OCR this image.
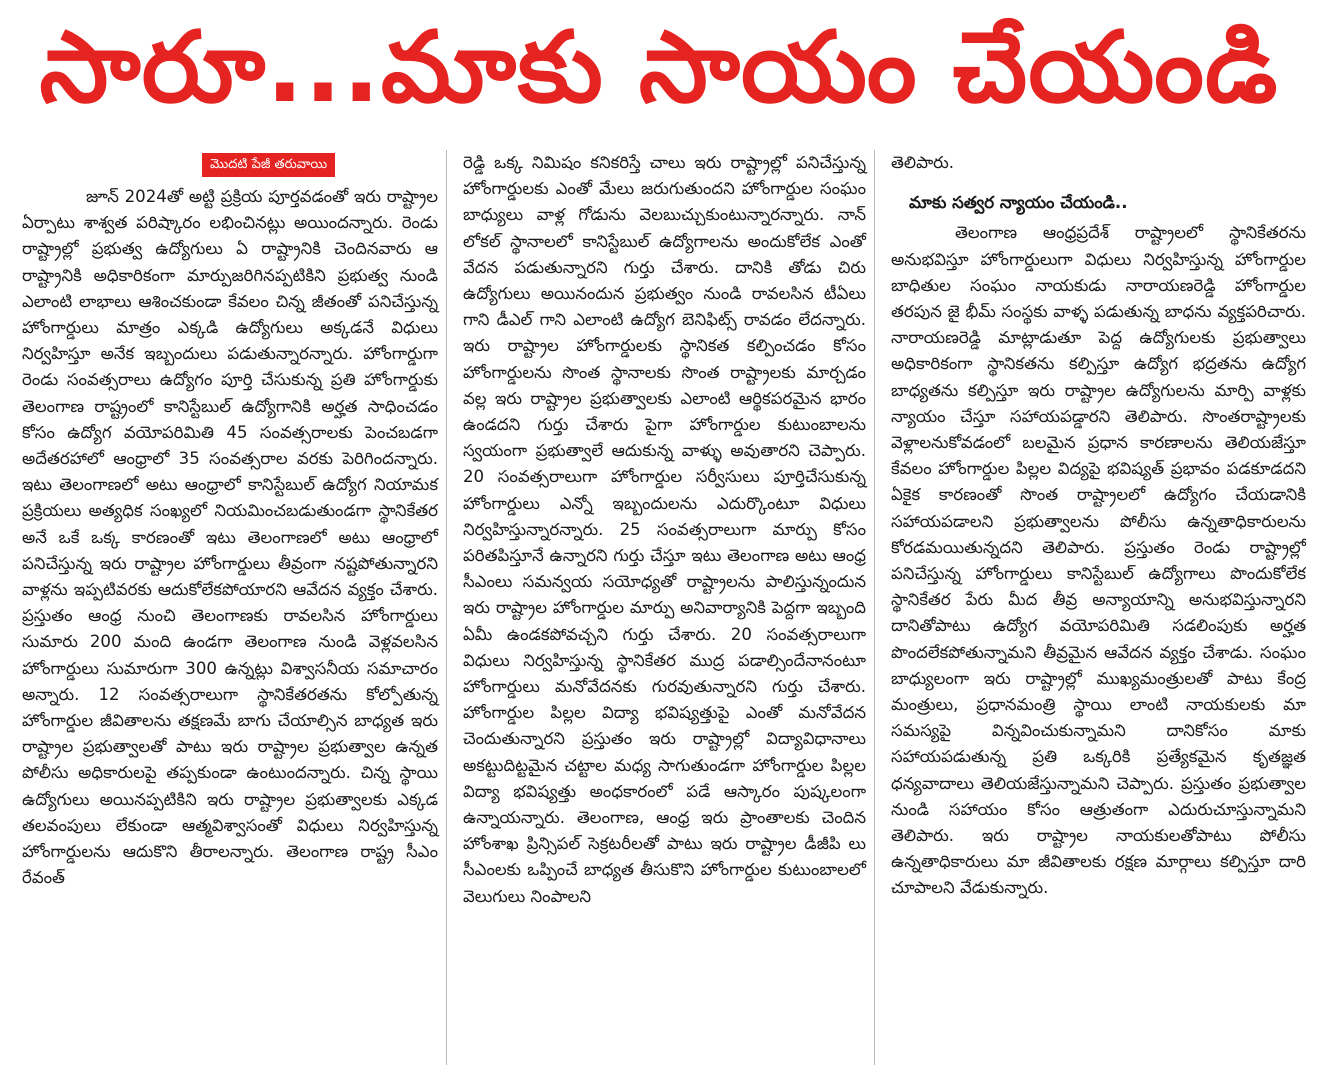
సారూ...మాకు సాయం చేయండి
మొదటి పేజీ తరువాయి

జూన్ 2024తో అట్టి ప్రక్రియ పూర్తవడంతో ఇరు రాష్ట్రాల ఏర్పాటు శాశ్వత పరిష్కారం లభించినట్లు అయిందన్నారు. రెండు రాష్ట్రాల్లో ప్రభుత్వ ఉద్యోగులు ఏ రాష్ట్రానికి చెందినవారు ఆ రాష్ట్రానికి అధికారికంగా మార్పుజరిగినప్పటికిని ప్రభుత్వ నుండి ఎలాంటి లాభాలు ఆశించకుండా కేవలం చిన్న జీతంతో పనిచేస్తున్న హోంగార్డులు మాత్రం ఎక్కడి ఉద్యోగులు అక్కడనే విధులు నిర్వహిస్తూ అనేక ఇబ్బందులు పడుతున్నారన్నారు. హోంగార్డుగా రెండు సంవత్సరాలు ఉద్యోగం పూర్తి చేసుకున్న ప్రతి హోంగార్డుకు తెలంగాణ రాష్ట్రంలో కానిస్టేబుల్ ఉద్యోగానికి అర్హత సాధించడం కోసం ఉద్యోగ వయోపరిమితి 45 సంవత్సరాలకు పెంచబడగా అదేతరహాలో ఆంధ్రాలో 35 సంవత్సరాల వరకు పెరిగిందన్నారు. ఇటు తెలంగాణలో అటు ఆంధ్రాలో కానిస్టేబుల్ ఉద్యోగ నియామక ప్రక్రియలు అత్యధిక సంఖ్యలో నియమించబడుతుండగా స్థానికేతర అనే ఒకే ఒక్క కారణంతో ఇటు తెలంగాణలో అటు ఆంధ్రాలో పనిచేస్తున్న ఇరు రాష్ట్రాల హోంగార్డులు తీవ్రంగా నష్టపోతున్నారని వాళ్లను ఇప్పటివరకు ఆదుకోలేకపోయారని ఆవేదన వ్యక్తం చేశారు. ప్రస్తుతం ఆంధ్ర నుంచి తెలంగాణకు రావలసిన హోంగార్డులు సుమారు 200 మంది ఉండగా తెలంగాణ నుండి వెళ్లవలసిన హోంగార్డులు సుమారుగా 300 ఉన్నట్లు విశ్వాసనీయ సమాచారం అన్నారు. 12 సంవత్సరాలుగా స్థానికేతరతను కోల్పోతున్న హోంగార్డుల జీవితాలను తక్షణమే బాగు చేయాల్సిన బాధ్యత ఇరు రాష్ట్రాల ప్రభుత్వాలతో పాటు ఇరు రాష్ట్రాల ప్రభుత్వాల ఉన్నత పోలీసు అధికారులపై తప్పకుండా ఉంటుందన్నారు. చిన్న స్థాయి ఉద్యోగులు అయినప్పటికిని ఇరు రాష్ట్రాల ప్రభుత్వాలకు ఎక్కడ తలవంపులు లేకుండా ఆత్మవిశ్వాసంతో విధులు నిర్వహిస్తున్న హోంగార్డులను ఆదుకొని తీరాలన్నారు. తెలంగాణ రాష్ట్ర సీఎం రేవంత్

రెడ్డి ఒక్క నిమిషం కనికరిస్తే చాలు ఇరు రాష్ట్రాల్లో పనిచేస్తున్న హోంగార్డులకు ఎంతో మేలు జరుగుతుందని హోంగార్డుల సంఘం బాధ్యులు వాళ్ల గోడును వెలబుచ్చుకుంటున్నారన్నారు. నాన్ లోకల్ స్థానాలలో కానిస్టేబుల్ ఉద్యోగాలను అందుకోలేక ఎంతో వేదన పడుతున్నారని గుర్తు చేశారు. దానికి తోడు చిరు ఉద్యోగులు అయినందున ప్రభుత్వం నుండి రావలసిన టీఏలు గాని డీఎల్ గాని ఎలాంటి ఉద్యోగ బెనిఫిట్స్ రావడం లేదన్నారు. ఇరు రాష్ట్రాల హోంగార్డులకు స్థానికత కల్పించడం కోసం హోంగార్డులను సొంత స్థానాలకు సొంత రాష్ట్రాలకు మార్చడం వల్ల ఇరు రాష్ట్రాల ప్రభుత్వాలకు ఎలాంటి ఆర్థికపరమైన భారం ఉండదని గుర్తు చేశారు పైగా హోంగార్డుల కుటుంబాలను స్వయంగా ప్రభుత్వాలే ఆదుకున్న వాళ్ళు అవుతారని చెప్పారు. 20 సంవత్సరాలుగా హోంగార్డుల సర్వీసులు పూర్తిచేసుకున్న హోంగార్డులు ఎన్నో ఇబ్బందులను ఎదుర్కొంటూ విధులు నిర్వహిస్తున్నారన్నారు. 25 సంవత్సరాలుగా మార్పు కోసం పరితపిస్తూనే ఉన్నారని గుర్తు చేస్తూ ఇటు తెలంగాణ అటు ఆంధ్ర సీఎంలు సమన్వయ సయోధ్యతో రాష్ట్రాలను పాలిస్తున్నందున ఇరు రాష్ట్రాల హోంగార్డుల మార్పు అనివార్యానికి పెద్దగా ఇబ్బంది ఏమీ ఉండకపోవచ్చని గుర్తు చేశారు. 20 సంవత్సరాలుగా విధులు నిర్వహిస్తున్న స్థానికేతర ముద్ర పడాల్సిందేనానంటూ హోంగార్డులు మనోవేదనకు గురవుతున్నారని గుర్తు చేశారు. హోంగార్డుల పిల్లల విద్యా భవిష్యత్తుపై ఎంతో మనోవేదన చెందుతున్నారని ప్రస్తుతం ఇరు రాష్ట్రాల్లో విద్యావిధానాలు అకట్టుదిట్టమైన చట్టాల మధ్య సాగుతుండగా హోంగార్డుల పిల్లల విద్యా భవిష్యత్తు అంధకారంలో పడే ఆస్కారం పుష్కలంగా ఉన్నాయన్నారు. తెలంగాణ, ఆంధ్ర ఇరు ప్రాంతాలకు చెందిన హోంశాఖ ప్రిన్సిపల్ సెక్రటరీలతో పాటు ఇరు రాష్ట్రాల డీజీపి లు సీఎంలకు ఒప్పించే బాధ్యత తీసుకొని హోంగార్డుల కుటుంబాలలో వెలుగులు నింపాలని

తెలిపారు.

మాకు సత్వర న్యాయం చేయండి..

తెలంగాణ ఆంధ్రప్రదేశ్ రాష్ట్రాలలో స్థానికేతరను అనుభవిస్తూ హోంగార్డులుగా విధులు నిర్వహిస్తున్న హోంగార్డుల బాధితుల సంఘం నాయకుడు నారాయణరెడ్డి హోంగార్డుల తరపున జై భీమ్ సంస్థకు వాళ్ళ పడుతున్న బాధను వ్యక్తపరిచారు. నారాయణరెడ్డి మాట్లాడుతూ పెద్ద ఉద్యోగులకు ప్రభుత్వాలు అధికారికంగా స్థానికతను కల్పిస్తూ ఉద్యోగ భద్రతను ఉద్యోగ బాధ్యతను కల్పిస్తూ ఇరు రాష్ట్రాల ఉద్యోగులను మార్పి వాళ్లకు న్యాయం చేస్తూ సహాయపడ్డారని తెలిపారు. సొంతరాష్ట్రాలకు వెళ్లాలనుకోవడంలో బలమైన ప్రధాన కారణాలను తెలియజేస్తూ కేవలం హోంగార్డుల పిల్లల విద్యపై భవిష్యత్ ప్రభావం పడకూడదని ఏకైక కారణంతో సొంత రాష్ట్రాలలో ఉద్యోగం చేయడానికి సహాయపడాలని ప్రభుత్వాలను పోలీసు ఉన్నతాధికారులను కోరడమయితున్నదని తెలిపారు. ప్రస్తుతం రెండు రాష్ట్రాల్లో పనిచేస్తున్న హోంగార్డులు కానిస్టేబుల్ ఉద్యోగాలు పొందుకోలేక స్థానికేతర పేరు మీద తీవ్ర అన్యాయాన్ని అనుభవిస్తున్నారని దానితోపాటు ఉద్యోగ వయోపరిమితి సడలింపుకు అర్హత పొందలేకపోతున్నామని తీవ్రమైన ఆవేదన వ్యక్తం చేశాడు. సంఘం బాధ్యులంగా ఇరు రాష్ట్రాల్లో ముఖ్యమంత్రులతో పాటు కేంద్ర మంత్రులు, ప్రధానమంత్రి స్థాయి లాంటి నాయకులకు మా సమస్యపై విన్నవించుకున్నామని దానికోసం మాకు సహాయపడుతున్న ప్రతి ఒక్కరికి ప్రత్యేకమైన కృతజ్ఞత ధన్యవాదాలు తెలియజేస్తున్నామని చెప్పారు. ప్రస్తుతం ప్రభుత్వాల నుండి సహాయం కోసం ఆత్రుతంగా ఎదురుచూస్తున్నామని తెలిపారు. ఇరు రాష్ట్రాల నాయకులతోపాటు పోలీసు ఉన్నతాధికారులు మా జీవితాలకు రక్షణ మార్గాలు కల్పిస్తూ దారి చూపాలని వేడుకున్నారు.
